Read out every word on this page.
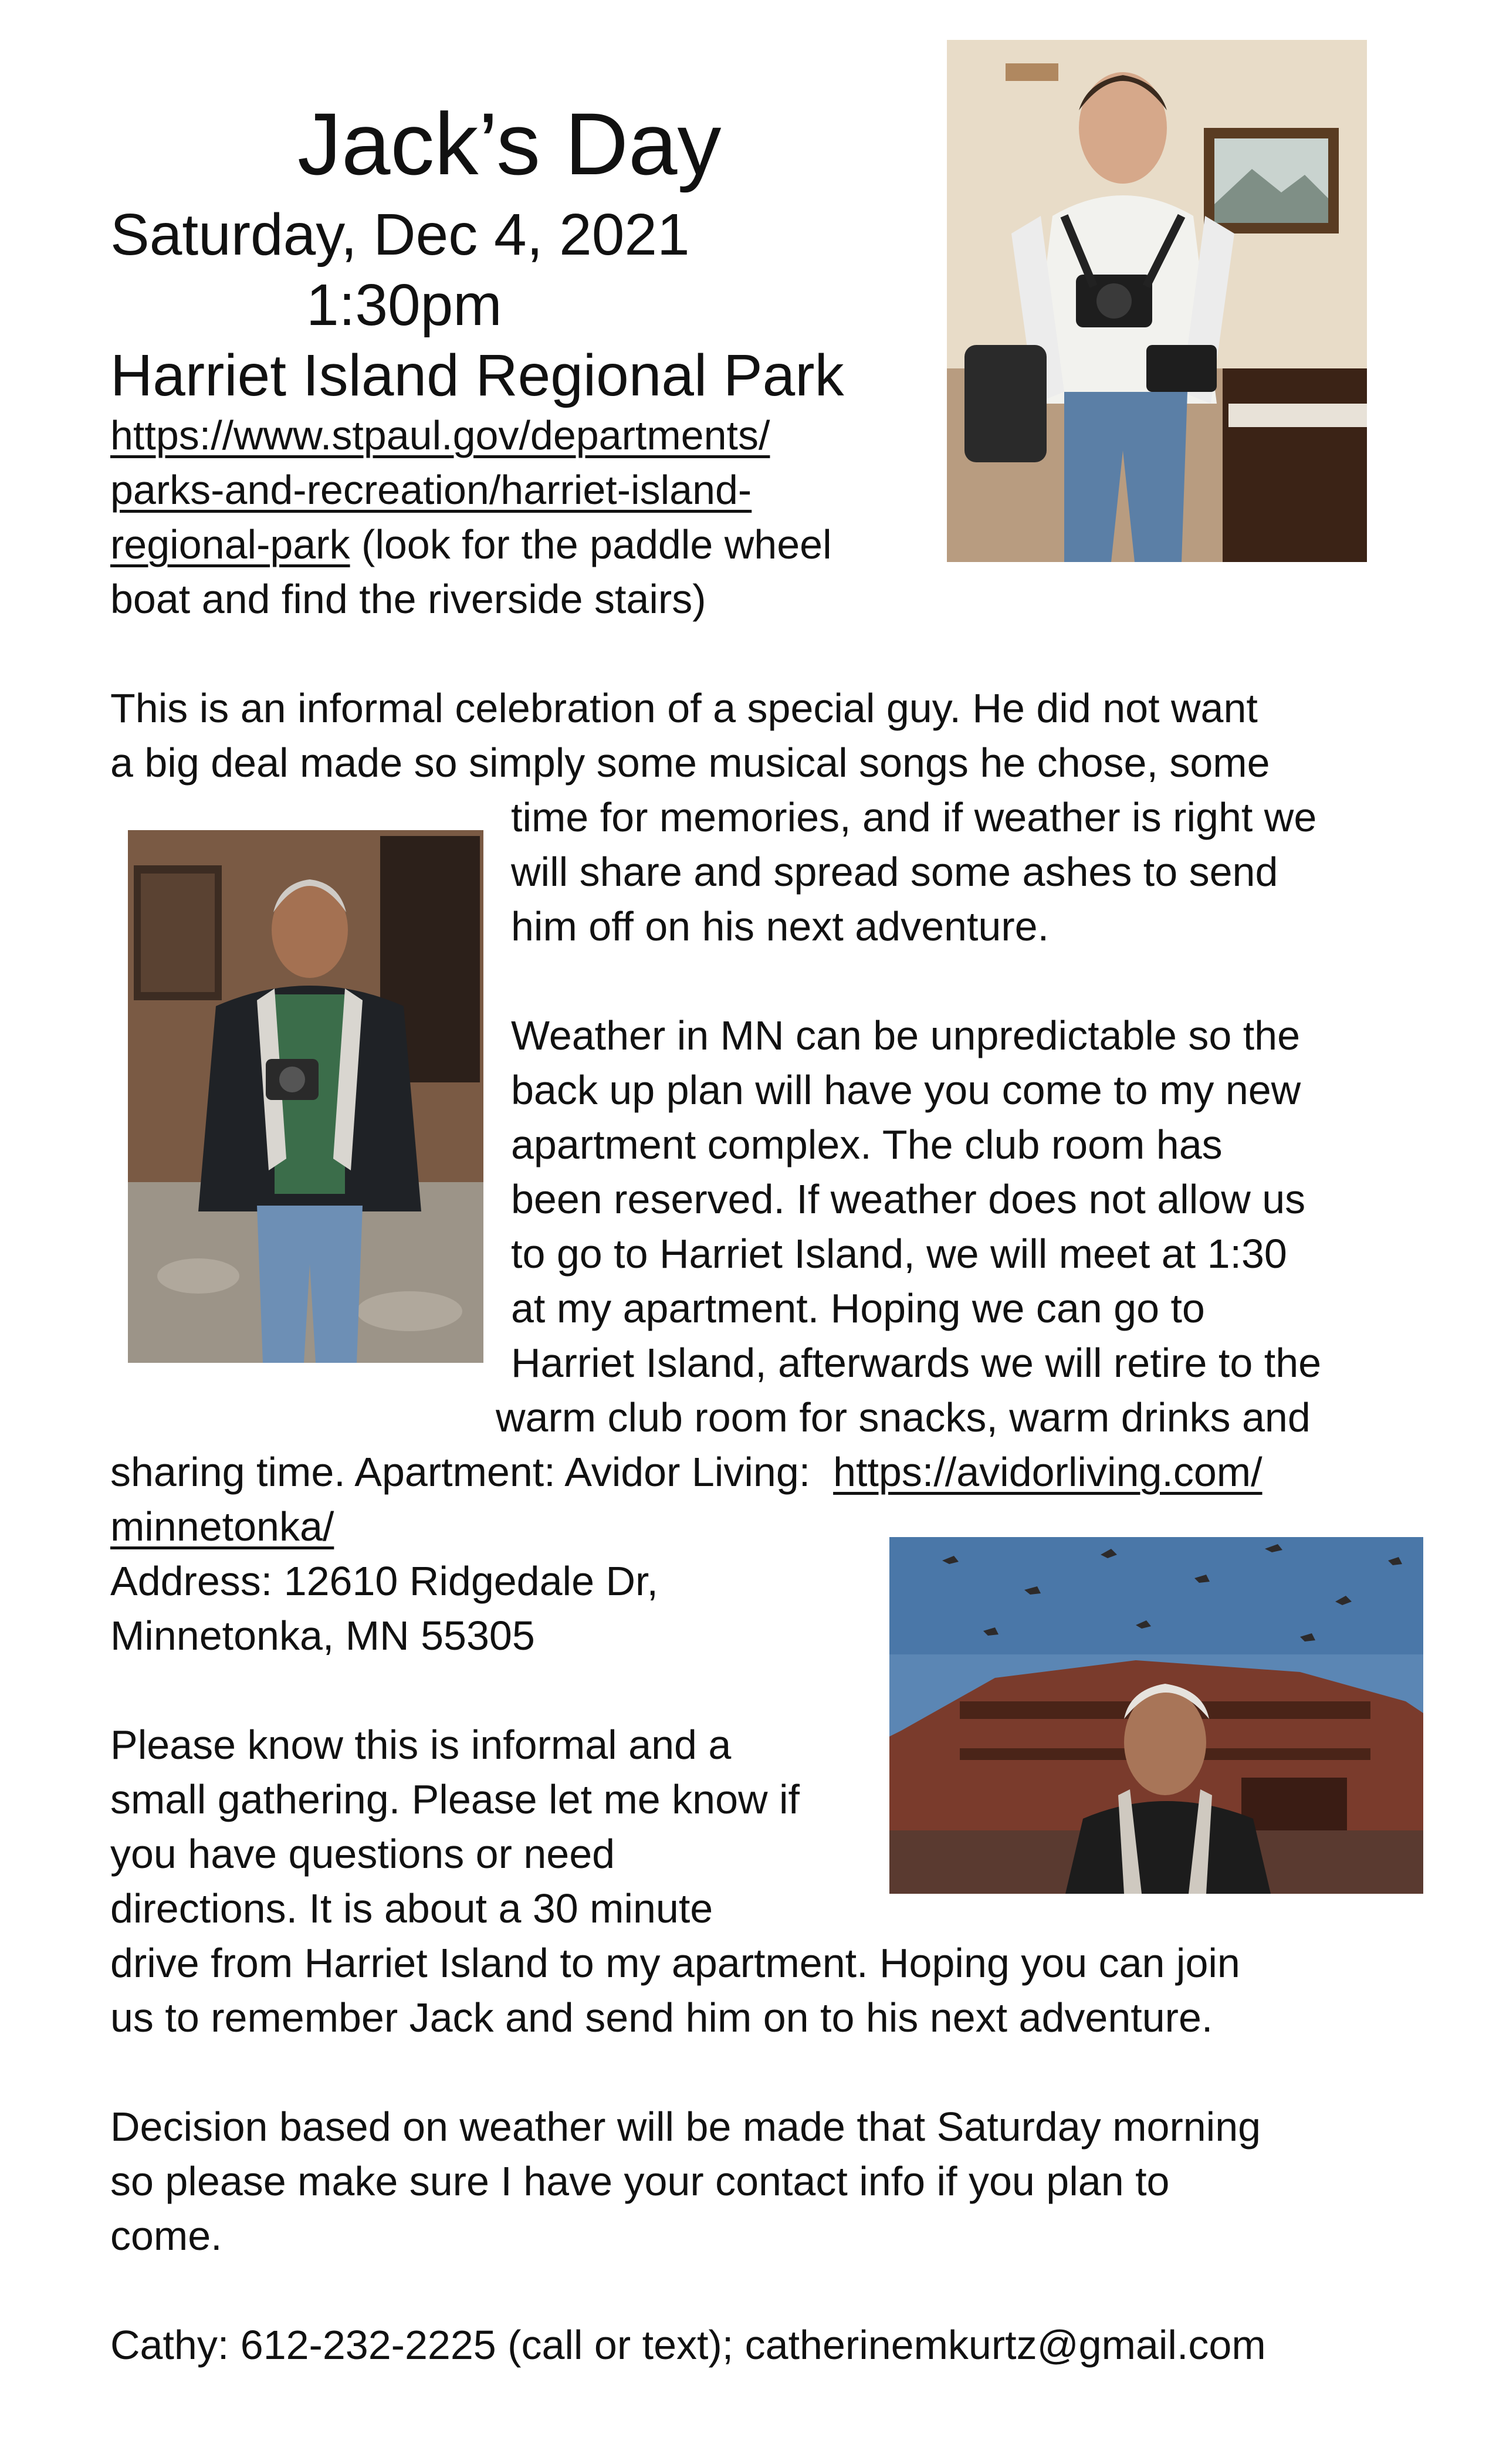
Jack’s Day

Saturday, Dec 4, 2021

1:30pm

Harriet Island Regional Park

https://www.stpaul.gov/departments/

parks-and-recreation/harriet-island-

regional-park (look for the paddle wheel

boat and find the riverside stairs)

This is an informal celebration of a special guy. He did not want

a big deal made so simply some musical songs he chose, some

time for memories, and if weather is right we

will share and spread some ashes to send

him off on his next adventure.

Weather in MN can be unpredictable so the

back up plan will have you come to my new

apartment complex. The club room has

been reserved. If weather does not allow us

to go to Harriet Island, we will meet at 1:30

at my apartment. Hoping we can go to

Harriet Island, afterwards we will retire to the

warm club room for snacks, warm drinks and

sharing time. Apartment: Avidor Living:  https://avidorliving.com/

minnetonka/

Address: 12610 Ridgedale Dr,

Minnetonka, MN 55305

Please know this is informal and a

small gathering. Please let me know if

you have questions or need

directions. It is about a 30 minute

drive from Harriet Island to my apartment. Hoping you can join

us to remember Jack and send him on to his next adventure.

Decision based on weather will be made that Saturday morning

so please make sure I have your contact info if you plan to

come.

Cathy: 612-232-2225 (call or text); catherinemkurtz@gmail.com
